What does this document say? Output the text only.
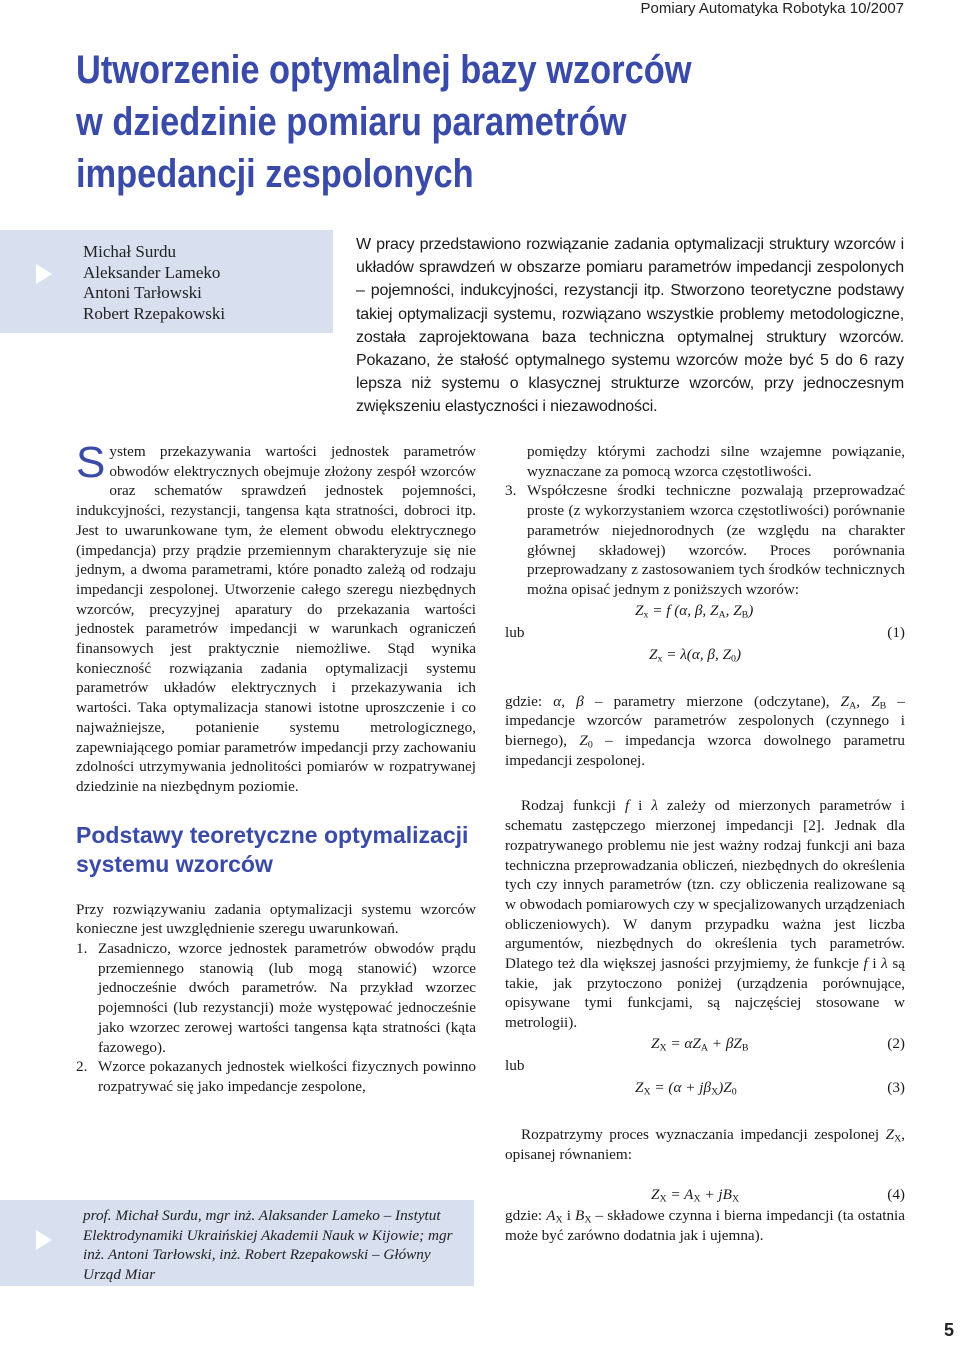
Pomiary Automatyka Robotyka 10/2007
Utworzenie optymalnej bazy wzorców
w dziedzinie pomiaru parametrów
impedancji zespolonych
Michał Surdu
Aleksander Lameko
Antoni Tarłowski
Robert Rzepakowski
W pracy przedstawiono rozwiązanie zadania optymalizacji struktury wzorców i układów sprawdzeń w obszarze pomiaru parametrów impedancji zespolonych – pojemności, indukcyjności, rezystancji itp. Stworzono teoretyczne podstawy takiej optymalizacji systemu, rozwiązano wszystkie problemy metodologiczne, została zaprojektowana baza techniczna optymalnej struktury wzorców. Pokazano, że stałość optymalnego systemu wzorców może być 5 do 6 razy lepsza niż systemu o klasycznej strukturze wzorców, przy jednoczesnym zwiększeniu elastyczności i niezawodności.

System przekazywania wartości jednostek parametrów obwodów elektrycznych obejmuje złożony zespół wzorców oraz schematów sprawdzeń jednostek pojemności, indukcyjności, rezystancji, tangensa kąta stratności, dobroci itp. Jest to uwarunkowane tym, że element obwodu elektrycznego (impedancja) przy prądzie przemiennym charakteryzuje się nie jednym, a dwoma parametrami, które ponadto zależą od rodzaju impedancji zespolonej. Utworzenie całego szeregu niezbędnych wzorców, precyzyjnej aparatury do przekazania wartości jednostek parametrów impedancji w warunkach ograniczeń finansowych jest praktycznie niemożliwe. Stąd wynika konieczność rozwiązania zadania optymalizacji systemu parametrów układów elektrycznych i przekazywania ich wartości. Taka optymalizacja stanowi istotne uproszczenie i co najważniejsze, potanienie systemu metrologicznego, zapewniającego pomiar parametrów impedancji przy zachowaniu zdolności utrzymywania jednolitości pomiarów w rozpatrywanej dziedzinie na niezbędnym poziomie.

Podstawy teoretyczne optymalizacji systemu wzorców

Przy rozwiązywaniu zadania optymalizacji systemu wzorców konieczne jest uwzględnienie szeregu uwarunkowań.

1. Zasadniczo, wzorce jednostek parametrów obwodów prądu przemiennego stanowią (lub mogą stanowić) wzorce jednocześnie dwóch parametrów. Na przykład wzorzec pojemności (lub rezystancji) może występować jednocześnie jako wzorzec zerowej wartości tangensa kąta stratności (kąta fazowego).

2. Wzorce pokazanych jednostek wielkości fizycznych powinno rozpatrywać się jako impedancje zespolone,

pomiędzy którymi zachodzi silne wzajemne powiązanie, wyznaczane za pomocą wzorca częstotliwości.

3. Współczesne środki techniczne pozwalają przeprowadzać proste (z wykorzystaniem wzorca częstotliwości) porównanie parametrów niejednorodnych (ze względu na charakter głównej składowej) wzorców. Proces porównania przeprowadzany z zastosowaniem tych środków technicznych można opisać jednym z poniższych wzorów:

$Z_x = f$ (α, β, $Z_A$, $Z_B$)
lub	(1)
$Z_x = \lambda(\alpha$, β, $Z_0$)

gdzie: α, β – parametry mierzone (odczytane), $Z_A$, $Z_B$ – impedancje wzorców parametrów zespolonych (czynnego i biernego), $Z_0$ – impedancja wzorca dowolnego parametru impedancji zespolonej.

Rodzaj funkcji f i λ zależy od mierzonych parametrów i schematu zastępczego mierzonej impedancji [2]. Jednak dla rozpatrywanego problemu nie jest ważny rodzaj funkcji ani baza techniczna przeprowadzania obliczeń, niezbędnych do określenia tych czy innych parametrów (tzn. czy obliczenia realizowane są w obwodach pomiarowych czy w specjalizowanych urządzeniach obliczeniowych). W danym przypadku ważna jest liczba argumentów, niezbędnych do określenia tych parametrów. Dlatego też dla większej jasności przyjmiemy, że funkcje f i λ są takie, jak przytoczono poniżej (urządzenia porównujące, opisywane tymi funkcjami, są najczęściej stosowane w metrologii).

$Z_X = \alpha Z_A + \beta Z_B$	(2)
lub
$Z_X = (\alpha + j\beta_X)Z_0$	(3)

Rozpatrzymy proces wyznaczania impedancji zespolonej $Z_X$, opisanej równaniem:

$Z_X = A_X + jB_X$	(4)

gdzie: $A_X$ i $B_X$ – składowe czynna i bierna impedancji (ta ostatnia może być zarówno dodatnia jak i ujemna).

prof. Michał Surdu, mgr inż. Alaksander Lameko – Instytut Elektrodynamiki Ukraińskiej Akademii Nauk w Kijowie; mgr inż. Antoni Tarłowski, inż. Robert Rzepakowski – Główny Urząd Miar
5
